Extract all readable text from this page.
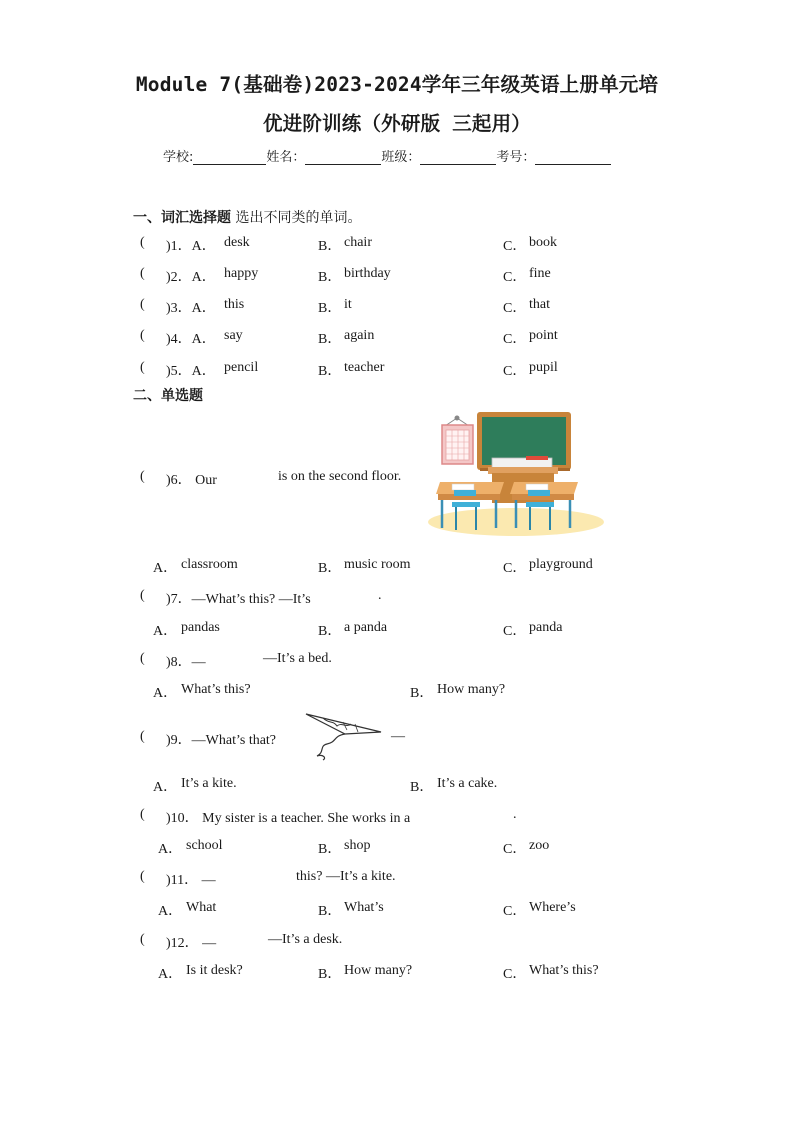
Module 7(基础卷)2023-2024学年三年级英语上册单元培
优进阶训练（外研版 三起用）
学校:	姓名：	班级：	考号：
一、词汇选择题 选出不同类的单词。
( )1．A． desk	B． chair	C． book
( )2．A． happy	B． birthday	C． fine
( )3．A． this	B． it	C． that
( )4．A． say	B． again	C． point
( )5．A． pencil	B． teacher	C． pupil
二、单选题
( )6． Our	is on the second floor.
A． classroom	B． music room	C． playground
( )7．—What’s this? —It’s	.
A． pandas	B． a panda	C． panda
( )8．—	—It’s a bed.
A． What’s this?	B． How many?
( )9．—What’s that?	—
A． It’s a kite.	B． It’s a cake.
( )10． My sister is a teacher. She works in a	.
A． school	B． shop	C． zoo
( )11． —	this? —It’s a kite.
A． What	B． What’s	C． Where’s
( )12． —	—It’s a desk.
A． Is it desk?	B． How many?	C． What’s this?
